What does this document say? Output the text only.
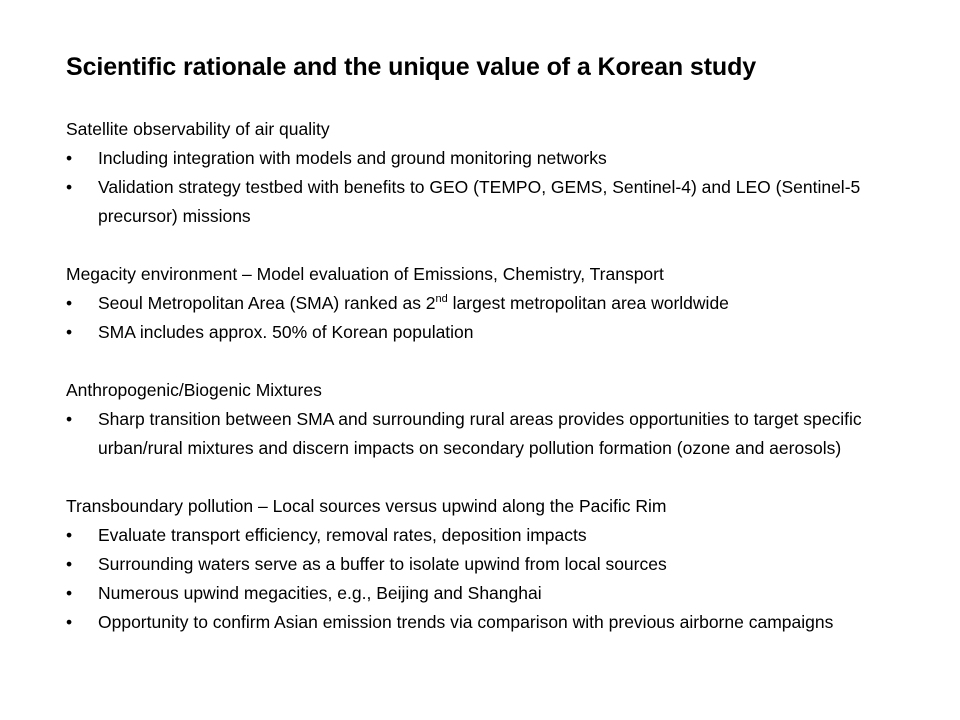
Scientific rationale and the unique value of a Korean study
Satellite observability of air quality
•	Including integration with models and ground monitoring networks
•	Validation strategy testbed with benefits to GEO (TEMPO, GEMS, Sentinel-4) and LEO (Sentinel-5 precursor) missions
Megacity environment – Model evaluation of Emissions, Chemistry, Transport
•	Seoul Metropolitan Area (SMA) ranked as 2nd largest metropolitan area worldwide
•	SMA includes approx. 50% of Korean population
Anthropogenic/Biogenic Mixtures
•	Sharp transition between SMA and surrounding rural areas provides opportunities to target specific urban/rural mixtures and discern impacts on secondary pollution formation (ozone and aerosols)
Transboundary pollution – Local sources versus upwind along the Pacific Rim
•	Evaluate transport efficiency, removal rates, deposition impacts
•	Surrounding waters serve as a buffer to isolate upwind from local sources
•	Numerous upwind megacities, e.g., Beijing and Shanghai
•	Opportunity to confirm Asian emission trends via comparison with previous airborne campaigns
